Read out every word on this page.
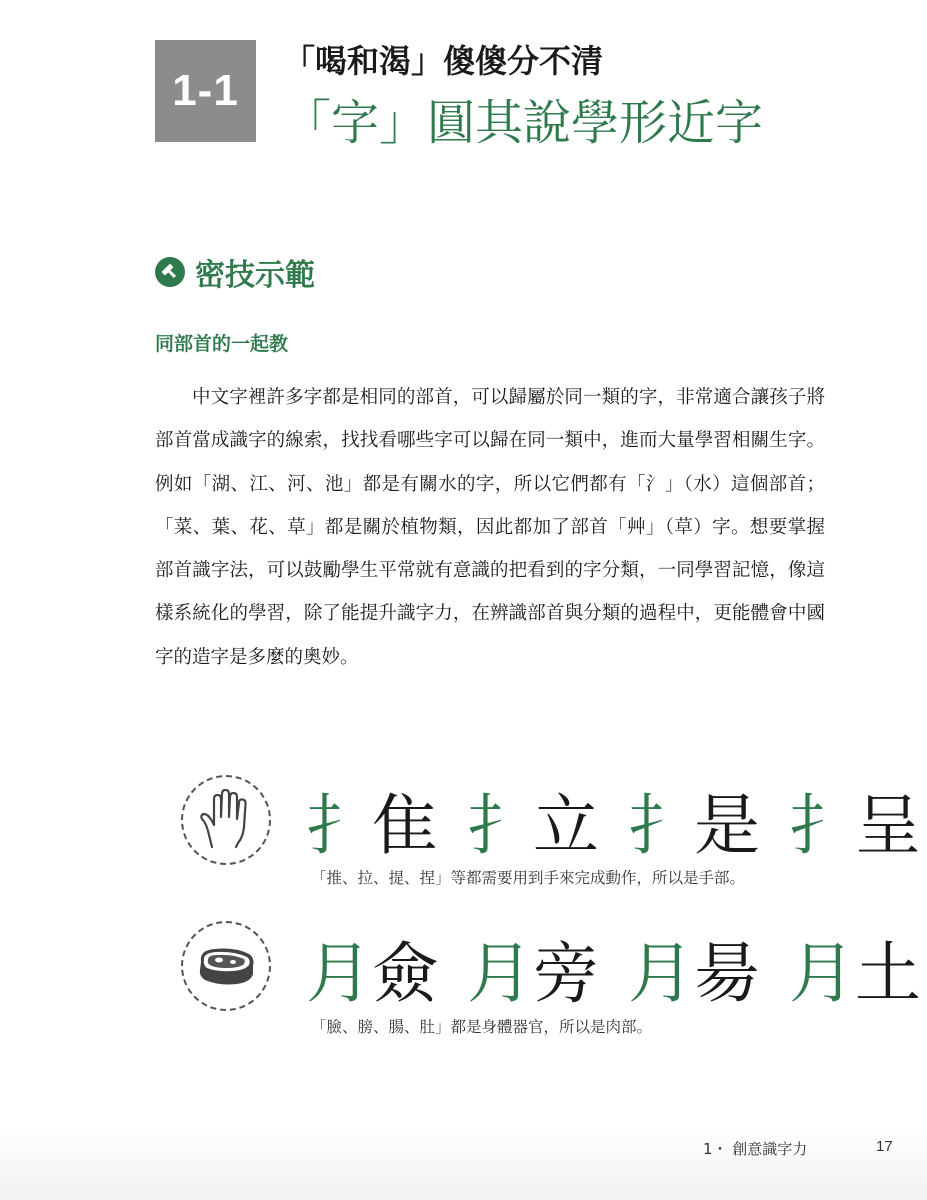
1-1
「喝和渴」傻傻分不清
「字」圓其說學形近字
密技示範
同部首的一起教
中文字裡許多字都是相同的部首，可以歸屬於同一類的字，非常適合讓孩子將部首當成識字的線索，找找看哪些字可以歸在同一類中，進而大量學習相關生字。例如「湖、江、河、池」都是有關水的字，所以它們都有「氵」（水）這個部首；「菜、葉、花、草」都是關於植物類，因此都加了部首「艸」（草）字。想要掌握部首識字法，可以鼓勵學生平常就有意識的把看到的字分類，一同學習記憶，像這樣系統化的學習，除了能提升識字力，在辨識部首與分類的過程中，更能體會中國字的造字是多麼的奧妙。
扌隹 扌立 扌是 扌呈
「推、拉、提、捏」等都需要用到手來完成動作，所以是手部。
月僉 月旁 月昜 月土
「臉、膀、腸、肚」都是身體器官，所以是肉部。
1・ 創意識字力	17
